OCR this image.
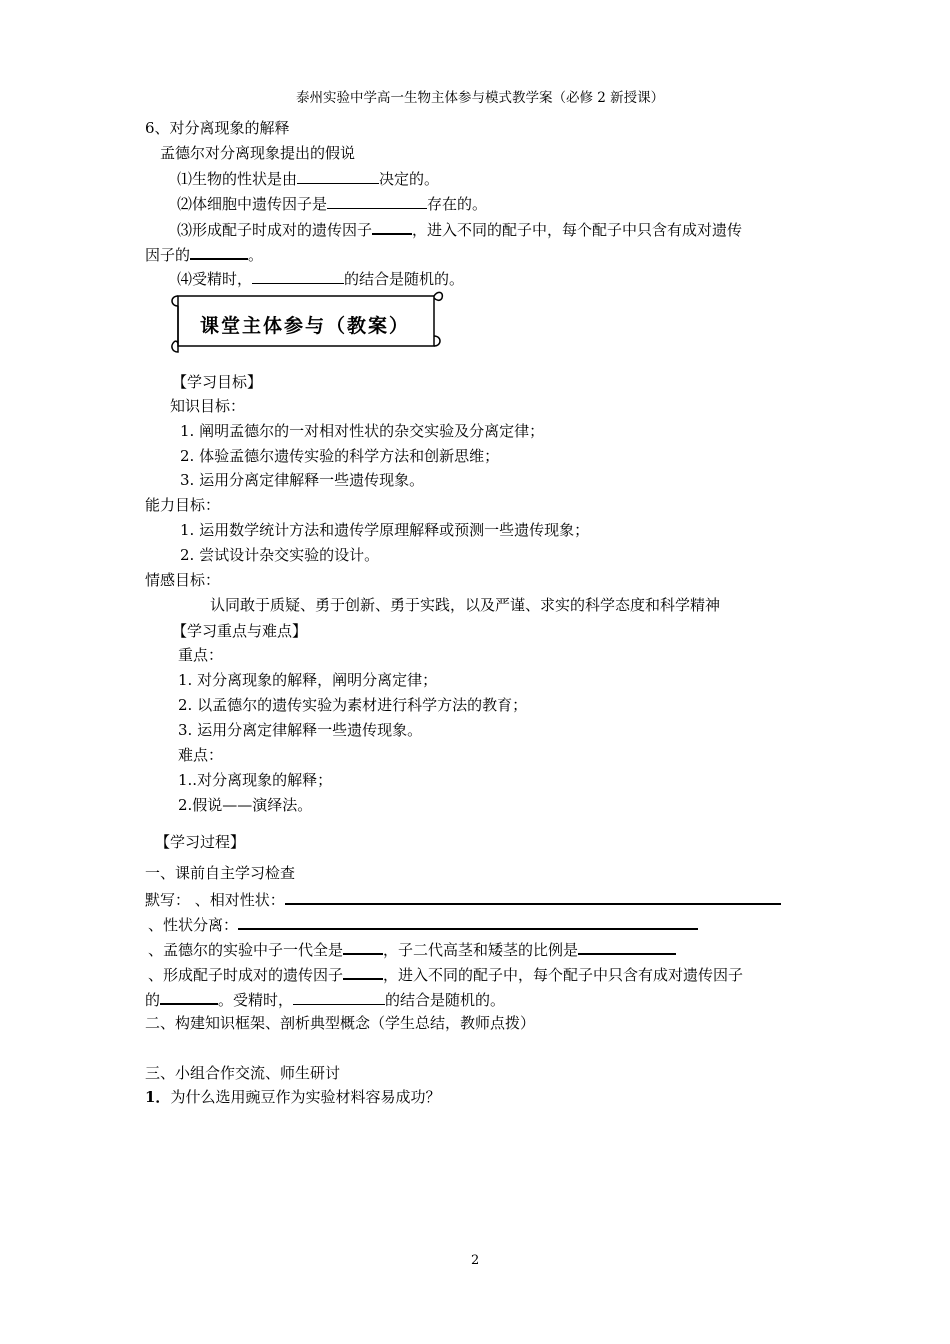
泰州实验中学高一生物主体参与模式教学案（必修 2 新授课）
6、对分离现象的解释
孟德尔对分离现象提出的假说
⑴生物的性状是由	决定的。
⑵体细胞中遗传因子是	存在的。
⑶形成配子时成对的遗传因子	，进入不同的配子中，每个配子中只含有成对遗传
因子的	。
⑷受精时，	的结合是随机的。
课堂主体参与（教案）
【学习目标】
知识目标：
1. 阐明孟德尔的一对相对性状的杂交实验及分离定律；
2. 体验孟德尔遗传实验的科学方法和创新思维；
3. 运用分离定律解释一些遗传现象。
能力目标：
1. 运用数学统计方法和遗传学原理解释或预测一些遗传现象；
2. 尝试设计杂交实验的设计。
情感目标：
认同敢于质疑、勇于创新、勇于实践，以及严谨、求实的科学态度和科学精神
【学习重点与难点】
重点：
1. 对分离现象的解释，阐明分离定律；
2. 以孟德尔的遗传实验为素材进行科学方法的教育；
3. 运用分离定律解释一些遗传现象。
难点：
1..对分离现象的解释；
2.假说——演绎法。
【学习过程】
一、课前自主学习检查
默写： 、相对性状：
、性状分离：
、孟德尔的实验中子一代全是	，子二代高茎和矮茎的比例是
、形成配子时成对的遗传因子	，进入不同的配子中，每个配子中只含有成对遗传因子
的	。受精时，	的结合是随机的。
二、构建知识框架、剖析典型概念（学生总结，教师点拨）
三、小组合作交流、师生研讨
1．为什么选用豌豆作为实验材料容易成功？
2
